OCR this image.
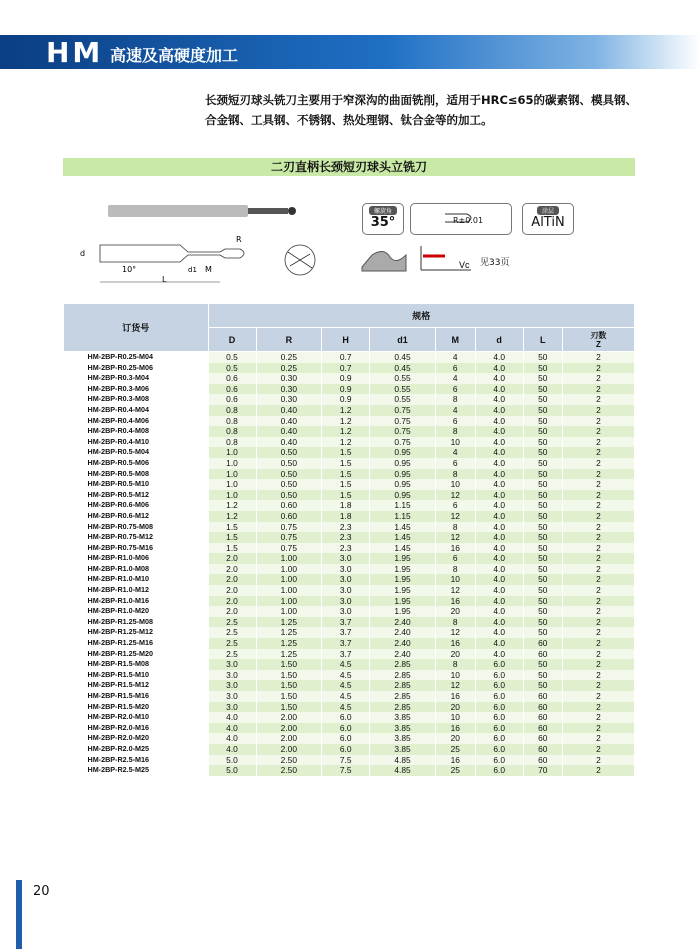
HM 高速及高硬度加工
长颈短刃球头铣刀主要用于窄深沟的曲面铣削，适用于HRC≤65的碳素钢、模具钢、合金钢、工具钢、不锈钢、热处理钢、钛合金等的加工。
二刃直柄长颈短刃球头立铣刀
d
10°	d1 M
L
R
螺旋角
35°	R±0.01
涂层
AlTiN
Vc 见33页
订货号	规格							
	D	R	H	d1	M	d	L	刃数
Z

HM-2BP-R0.25-M04	0.5	0.25	0.7	0.45	4	4.0	50	2
HM-2BP-R0.25-M06	0.5	0.25	0.7	0.45	6	4.0	50	2
HM-2BP-R0.3-M04	0.6	0.30	0.9	0.55	4	4.0	50	2
HM-2BP-R0.3-M06	0.6	0.30	0.9	0.55	6	4.0	50	2
HM-2BP-R0.3-M08	0.6	0.30	0.9	0.55	8	4.0	50	2
HM-2BP-R0.4-M04	0.8	0.40	1.2	0.75	4	4.0	50	2
HM-2BP-R0.4-M06	0.8	0.40	1.2	0.75	6	4.0	50	2
HM-2BP-R0.4-M08	0.8	0.40	1.2	0.75	8	4.0	50	2
HM-2BP-R0.4-M10	0.8	0.40	1.2	0.75	10	4.0	50	2
HM-2BP-R0.5-M04	1.0	0.50	1.5	0.95	4	4.0	50	2
HM-2BP-R0.5-M06	1.0	0.50	1.5	0.95	6	4.0	50	2
HM-2BP-R0.5-M08	1.0	0.50	1.5	0.95	8	4.0	50	2
HM-2BP-R0.5-M10	1.0	0.50	1.5	0.95	10	4.0	50	2
HM-2BP-R0.5-M12	1.0	0.50	1.5	0.95	12	4.0	50	2
HM-2BP-R0.6-M06	1.2	0.60	1.8	1.15	6	4.0	50	2
HM-2BP-R0.6-M12	1.2	0.60	1.8	1.15	12	4.0	50	2
HM-2BP-R0.75-M08	1.5	0.75	2.3	1.45	8	4.0	50	2
HM-2BP-R0.75-M12	1.5	0.75	2.3	1.45	12	4.0	50	2
HM-2BP-R0.75-M16	1.5	0.75	2.3	1.45	16	4.0	50	2
HM-2BP-R1.0-M06	2.0	1.00	3.0	1.95	6	4.0	50	2
HM-2BP-R1.0-M08	2.0	1.00	3.0	1.95	8	4.0	50	2
HM-2BP-R1.0-M10	2.0	1.00	3.0	1.95	10	4.0	50	2
HM-2BP-R1.0-M12	2.0	1.00	3.0	1.95	12	4.0	50	2
HM-2BP-R1.0-M16	2.0	1.00	3.0	1.95	16	4.0	50	2
HM-2BP-R1.0-M20	2.0	1.00	3.0	1.95	20	4.0	50	2
HM-2BP-R1.25-M08	2.5	1.25	3.7	2.40	8	4.0	50	2
HM-2BP-R1.25-M12	2.5	1.25	3.7	2.40	12	4.0	50	2
HM-2BP-R1.25-M16	2.5	1.25	3.7	2.40	16	4.0	60	2
HM-2BP-R1.25-M20	2.5	1.25	3.7	2.40	20	4.0	60	2
HM-2BP-R1.5-M08	3.0	1.50	4.5	2.85	8	6.0	50	2
HM-2BP-R1.5-M10	3.0	1.50	4.5	2.85	10	6.0	50	2
HM-2BP-R1.5-M12	3.0	1.50	4.5	2.85	12	6.0	50	2
HM-2BP-R1.5-M16	3.0	1.50	4.5	2.85	16	6.0	60	2
HM-2BP-R1.5-M20	3.0	1.50	4.5	2.85	20	6.0	60	2
HM-2BP-R2.0-M10	4.0	2.00	6.0	3.85	10	6.0	60	2
HM-2BP-R2.0-M16	4.0	2.00	6.0	3.85	16	6.0	60	2
HM-2BP-R2.0-M20	4.0	2.00	6.0	3.85	20	6.0	60	2
HM-2BP-R2.0-M25	4.0	2.00	6.0	3.85	25	6.0	60	2
HM-2BP-R2.5-M16	5.0	2.50	7.5	4.85	16	6.0	60	2
HM-2BP-R2.5-M25	5.0	2.50	7.5	4.85	25	6.0	70	2
20
